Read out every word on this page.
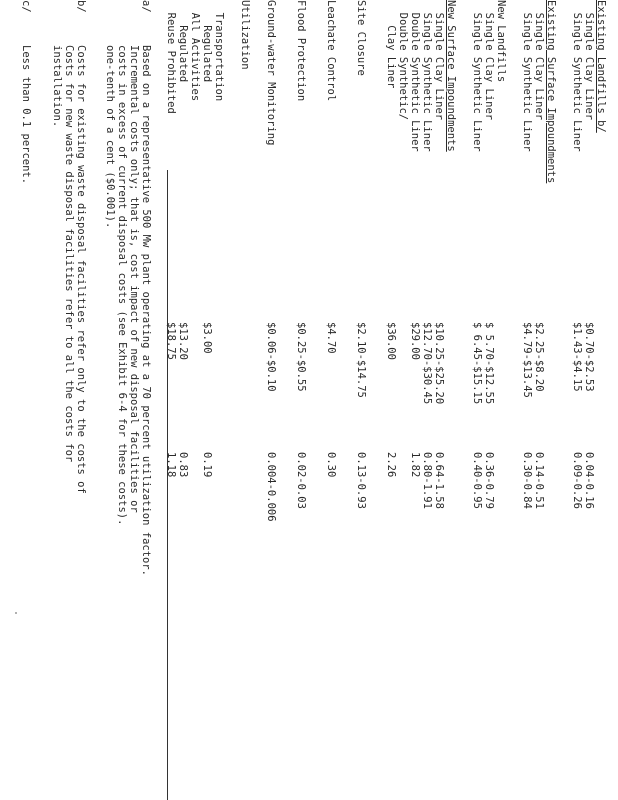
Existing Landfills b/
Single Clay Liner
$0.70-$2.53
0.04-0.16
Single Synthetic Liner
$1.43-$4.15
0.09-0.26
Existing Surface Impoundments
Single Clay Liner
$2.25-$8.20
0.14-0.51
Single Synthetic Liner
$4.79-$13.45
0.30-0.84
New Landfills
Single Clay Liner
$ 5.70-$12.55
0.36-0.79
Single Synthetic Liner
$ 6.45-$15.15
0.40-0.95
New Surface Impoundments
Single Clay Liner
$10.25-$25.20
0.64-1.58
Single Synthetic Liner
$12.70-$30.45
0.80-1.91
Double Synthetic Liner
$29.00
1.82
Double Synthetic/
Clay Liner
$36.00
2.26
Site Closure
$2.10-$14.75
0.13-0.93
Leachate Control
$4.70
0.30
Flood Protection
$0.25-$0.55
0.02-0.03
Ground-water Monitoring
$0.06-$0.10
0.004-0.006
Utilization
Transportation
Regulated
$3.00
0.19
All Activities
Regulated
$13.20
0.83
Reuse Prohibited
$18.75
1.18
a/
Based on a representative 500 Mw plant operating at a 70 percent utilization factor.
Incremental costs only; that is, cost impact of new disposal facilities or
costs in excess of current disposal costs (see Exhibit 6-4 for these costs).
one-tenth of a cent ($0.001).
b/
Costs for existing waste disposal facilities refer only to the costs of
Costs for new waste disposal facilities refer to all the costs for
installation.
c/
Less than 0.1 percent.
